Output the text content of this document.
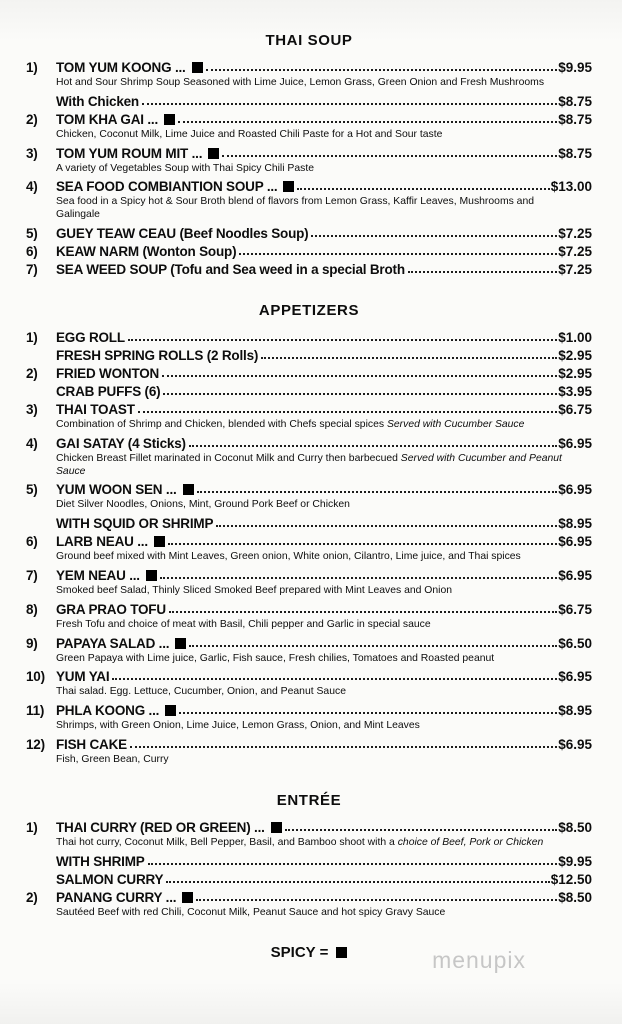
THAI SOUP
1)	TOM YUM KOONG ...	$9.95
Hot and Sour Shrimp Soup Seasoned with Lime Juice, Lemon Grass, Green Onion and Fresh Mushrooms
With Chicken	$8.75
2)	TOM KHA GAI ...	$8.75
Chicken, Coconut Milk, Lime Juice and Roasted Chili Paste for a Hot and Sour taste
3)	TOM YUM ROUM MIT ...	$8.75
A variety of Vegetables Soup with Thai Spicy Chili Paste
4)	SEA FOOD COMBIANTION SOUP ...	$13.00
Sea food in a Spicy hot & Sour Broth blend of flavors from Lemon Grass, Kaffir Leaves, Mushrooms and Galingale
5)	GUEY TEAW CEAU (Beef Noodles Soup)	$7.25
6)	KEAW NARM (Wonton Soup)	$7.25
7)	SEA WEED SOUP (Tofu and Sea weed in a special Broth	$7.25
APPETIZERS
1)	EGG ROLL	$1.00
FRESH SPRING ROLLS (2 Rolls)	$2.95
2)	FRIED WONTON	$2.95
CRAB PUFFS (6)	$3.95
3)	THAI TOAST	$6.75
Combination of Shrimp and Chicken, blended with Chefs special spices Served with Cucumber Sauce
4)	GAI SATAY (4 Sticks)	$6.95
Chicken Breast Fillet marinated in Coconut Milk and Curry then barbecued Served with Cucumber and Peanut Sauce
5)	YUM WOON SEN ...	$6.95
Diet Silver Noodles, Onions, Mint, Ground Pork Beef or Chicken
WITH SQUID OR SHRIMP	$8.95
6)	LARB NEAU ...	$6.95
Ground beef mixed with Mint Leaves, Green onion, White onion, Cilantro, Lime juice, and Thai spices
7)	YEM NEAU ...	$6.95
Smoked beef Salad, Thinly Sliced Smoked Beef prepared with Mint Leaves and Onion
8)	GRA PRAO TOFU	$6.75
Fresh Tofu and choice of meat with Basil, Chili pepper and Garlic in special sauce
9)	PAPAYA SALAD ...	$6.50
Green Papaya with Lime juice, Garlic, Fish sauce, Fresh chilies, Tomatoes and Roasted peanut
10) YUM YAI	$6.95
Thai salad. Egg. Lettuce, Cucumber, Onion, and Peanut Sauce
11) PHLA KOONG ...	$8.95
Shrimps, with Green Onion, Lime Juice, Lemon Grass, Onion, and Mint Leaves
12) FISH CAKE	$6.95
Fish, Green Bean, Curry
ENTRÉE
1)	THAI CURRY (RED OR GREEN) ...	$8.50
Thai hot curry, Coconut Milk, Bell Pepper, Basil, and Bamboo shoot with a choice of Beef, Pork or Chicken
WITH SHRIMP	$9.95
SALMON CURRY	$12.50
2)	PANANG CURRY ...	$8.50
Sautéed Beef with red Chili, Coconut Milk, Peanut Sauce and hot spicy Gravy Sauce
SPICY =	menupix
